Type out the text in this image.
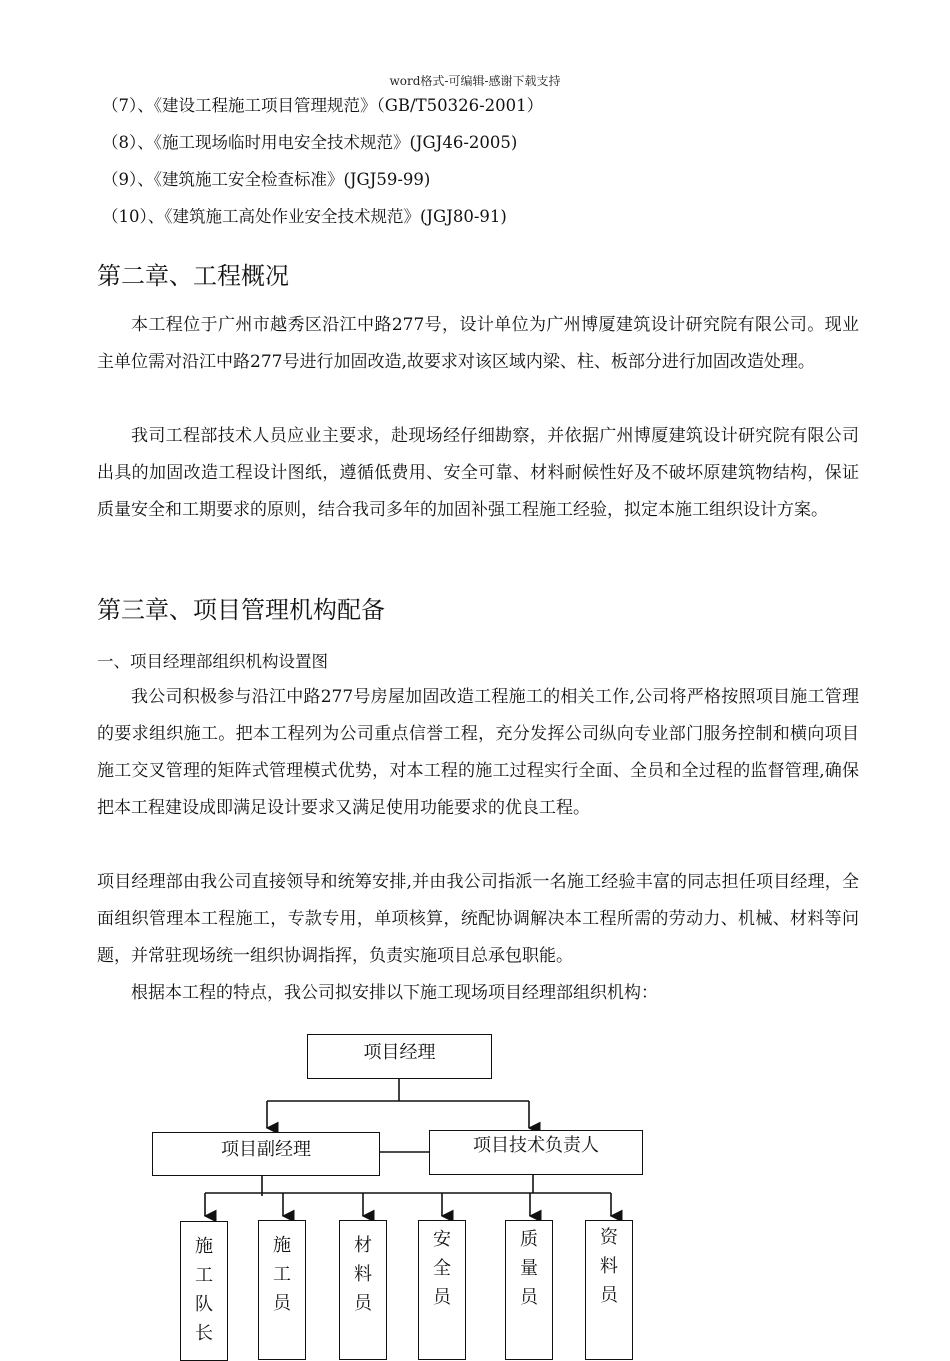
word格式-可编辑-感谢下载支持
（7）、《建设工程施工项目管理规范》（GB/T50326-2001）
（8）、《施工现场临时用电安全技术规范》(JGJ46-2005)
（9）、《建筑施工安全检查标准》(JGJ59-99)
（10）、《建筑施工高处作业安全技术规范》(JGJ80-91)
第二章、工程概况
本工程位于广州市越秀区沿江中路277号，设计单位为广州博厦建筑设计研究院有限公司。现业主单位需对沿江中路277号进行加固改造,故要求对该区域内梁、柱、板部分进行加固改造处理。
我司工程部技术人员应业主要求，赴现场经仔细勘察，并依据广州博厦建筑设计研究院有限公司出具的加固改造工程设计图纸，遵循低费用、安全可靠、材料耐候性好及不破坏原建筑物结构，保证质量安全和工期要求的原则，结合我司多年的加固补强工程施工经验，拟定本施工组织设计方案。
第三章、项目管理机构配备
一、项目经理部组织机构设置图
我公司积极参与沿江中路277号房屋加固改造工程施工的相关工作,公司将严格按照项目施工管理的要求组织施工。把本工程列为公司重点信誉工程，充分发挥公司纵向专业部门服务控制和横向项目施工交叉管理的矩阵式管理模式优势，对本工程的施工过程实行全面、全员和全过程的监督管理,确保把本工程建设成即满足设计要求又满足使用功能要求的优良工程。
项目经理部由我公司直接领导和统筹安排,并由我公司指派一名施工经验丰富的同志担任项目经理，全面组织管理本工程施工，专款专用，单项核算，统配协调解决本工程所需的劳动力、机械、材料等问题，并常驻现场统一组织协调指挥，负责实施项目总承包职能。
根据本工程的特点，我公司拟安排以下施工现场项目经理部组织机构：
项目经理
项目副经理	项目技术负责人
施
工
队
长
施
工
员
材
料
员
安
全
员
质
量
员
资
料
员
